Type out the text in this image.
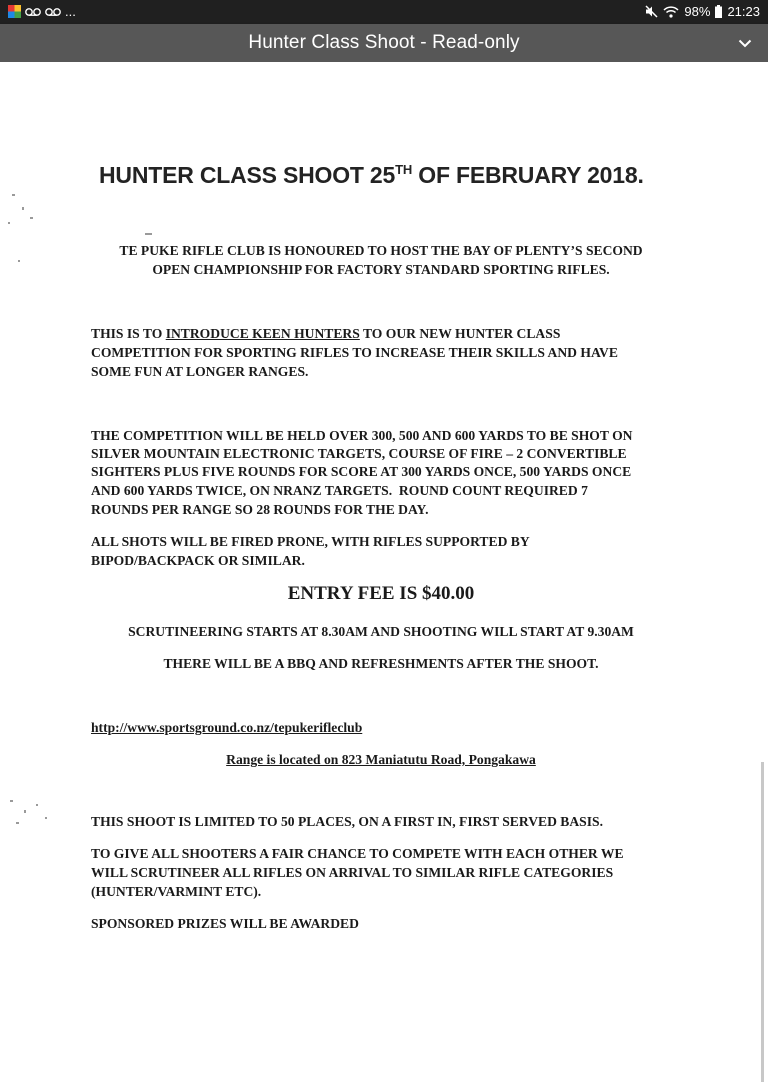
...	98% 21:23
Hunter Class Shoot - Read-only
HUNTER CLASS SHOOT 25TH OF FEBRUARY 2018.
TE PUKE RIFLE CLUB IS HONOURED TO HOST THE BAY OF PLENTY’S SECOND
OPEN CHAMPIONSHIP FOR FACTORY STANDARD SPORTING RIFLES.
THIS IS TO INTRODUCE KEEN HUNTERS TO OUR NEW HUNTER CLASS
COMPETITION FOR SPORTING RIFLES TO INCREASE THEIR SKILLS AND HAVE
SOME FUN AT LONGER RANGES.
THE COMPETITION WILL BE HELD OVER 300, 500 AND 600 YARDS TO BE SHOT ON
SILVER MOUNTAIN ELECTRONIC TARGETS, COURSE OF FIRE – 2 CONVERTIBLE
SIGHTERS PLUS FIVE ROUNDS FOR SCORE AT 300 YARDS ONCE, 500 YARDS ONCE
AND 600 YARDS TWICE, ON NRANZ TARGETS.  ROUND COUNT REQUIRED 7
ROUNDS PER RANGE SO 28 ROUNDS FOR THE DAY.
ALL SHOTS WILL BE FIRED PRONE, WITH RIFLES SUPPORTED BY
BIPOD/BACKPACK OR SIMILAR.
ENTRY FEE IS $40.00
SCRUTINEERING STARTS AT 8.30AM AND SHOOTING WILL START AT 9.30AM
THERE WILL BE A BBQ AND REFRESHMENTS AFTER THE SHOOT.
http://www.sportsground.co.nz/tepukerifleclub
Range is located on 823 Maniatutu Road, Pongakawa
THIS SHOOT IS LIMITED TO 50 PLACES, ON A FIRST IN, FIRST SERVED BASIS.
TO GIVE ALL SHOOTERS A FAIR CHANCE TO COMPETE WITH EACH OTHER WE
WILL SCRUTINEER ALL RIFLES ON ARRIVAL TO SIMILAR RIFLE CATEGORIES
(HUNTER/VARMINT ETC).
SPONSORED PRIZES WILL BE AWARDED
